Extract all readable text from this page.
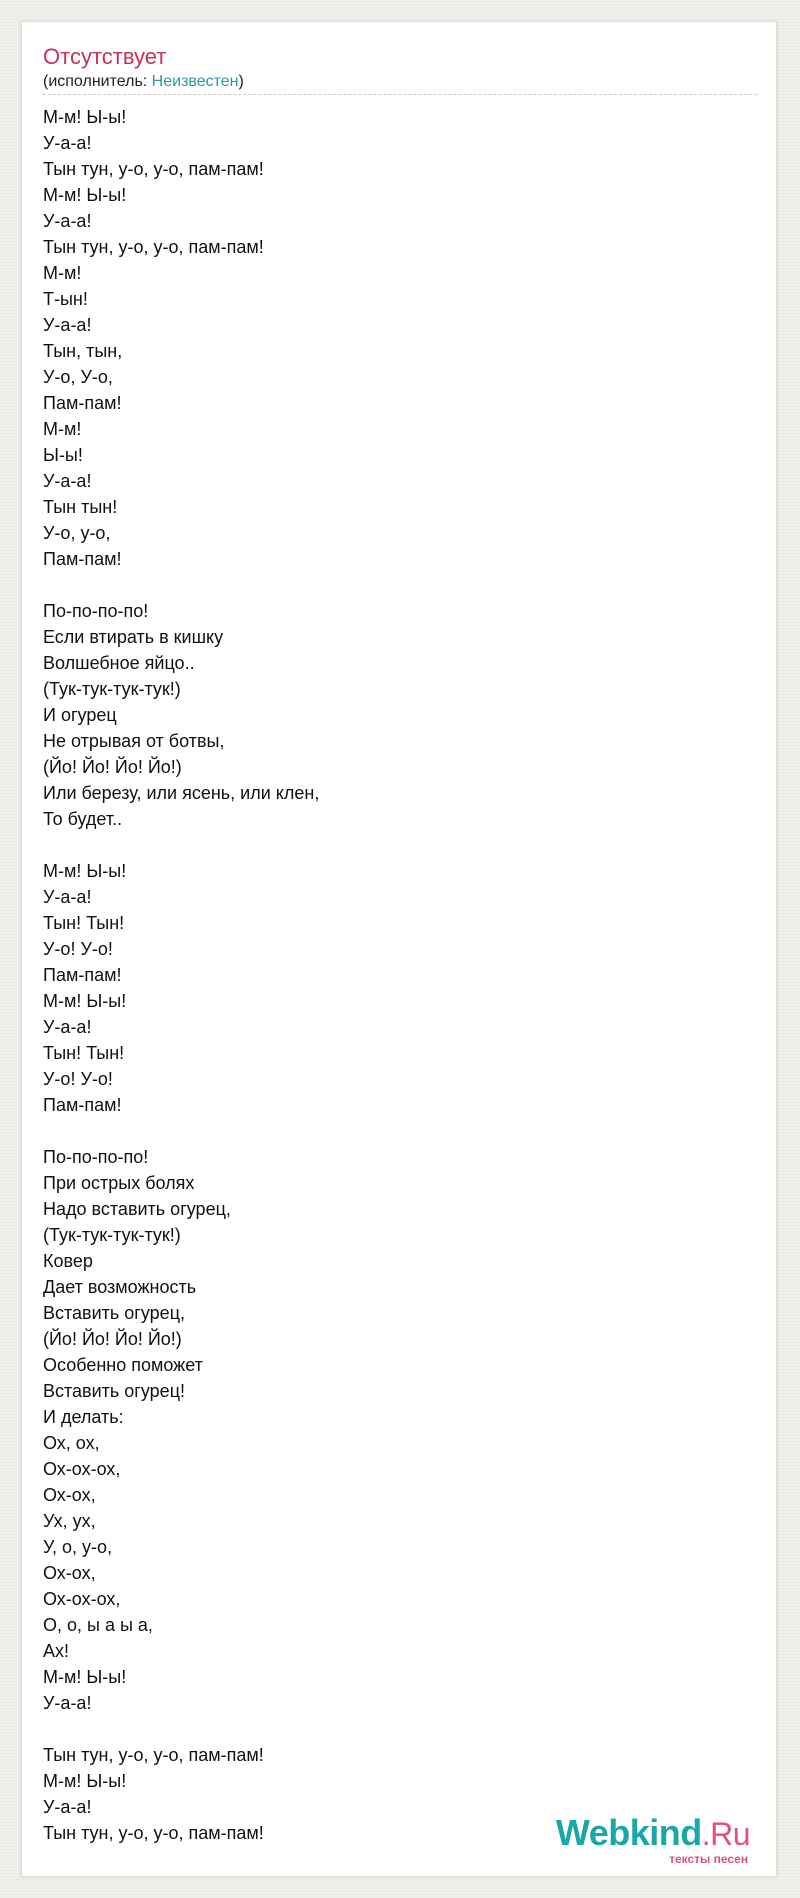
Отсутствует
(исполнитель: Неизвестен)
М-м! Ы-ы!
У-а-а!
Тын тун, у-о, у-о, пам-пам!
М-м! Ы-ы!
У-а-а!
Тын тун, у-о, у-о, пам-пам!
М-м!
Т-ын!
У-а-а!
Тын, тын,
У-о, У-о,
Пам-пам!
М-м!
Ы-ы!
У-а-а!
Тын тын!
У-о, у-о,
Пам-пам!
По-по-по-по!
Если втирать в кишку
Волшебное яйцо..
(Тук-тук-тук-тук!)
И огурец
Не отрывая от ботвы,
(Йо! Йо! Йо! Йо!)
Или березу, или ясень, или клен,
То будет..
М-м! Ы-ы!
У-а-а!
Тын! Тын!
У-о! У-о!
Пам-пам!
М-м! Ы-ы!
У-а-а!
Тын! Тын!
У-о! У-о!
Пам-пам!
По-по-по-по!
При острых болях
Надо вставить огурец,
(Тук-тук-тук-тук!)
Ковер
Дает возможность
Вставить огурец,
(Йо! Йо! Йо! Йо!)
Особенно поможет
Вставить огурец!
И делать:
Ох, ох,
Ох-ох-ох,
Ох-ох,
Ух, ух,
У, о, у-о,
Ох-ох,
Ох-ох-ох,
О, о, ы а ы а,
Ах!
М-м! Ы-ы!
У-а-а!
Тын тун, у-о, у-о, пам-пам!
М-м! Ы-ы!
У-а-а!
Тын тун, у-о, у-о, пам-пам!	Webkind.Ru
тексты песен
